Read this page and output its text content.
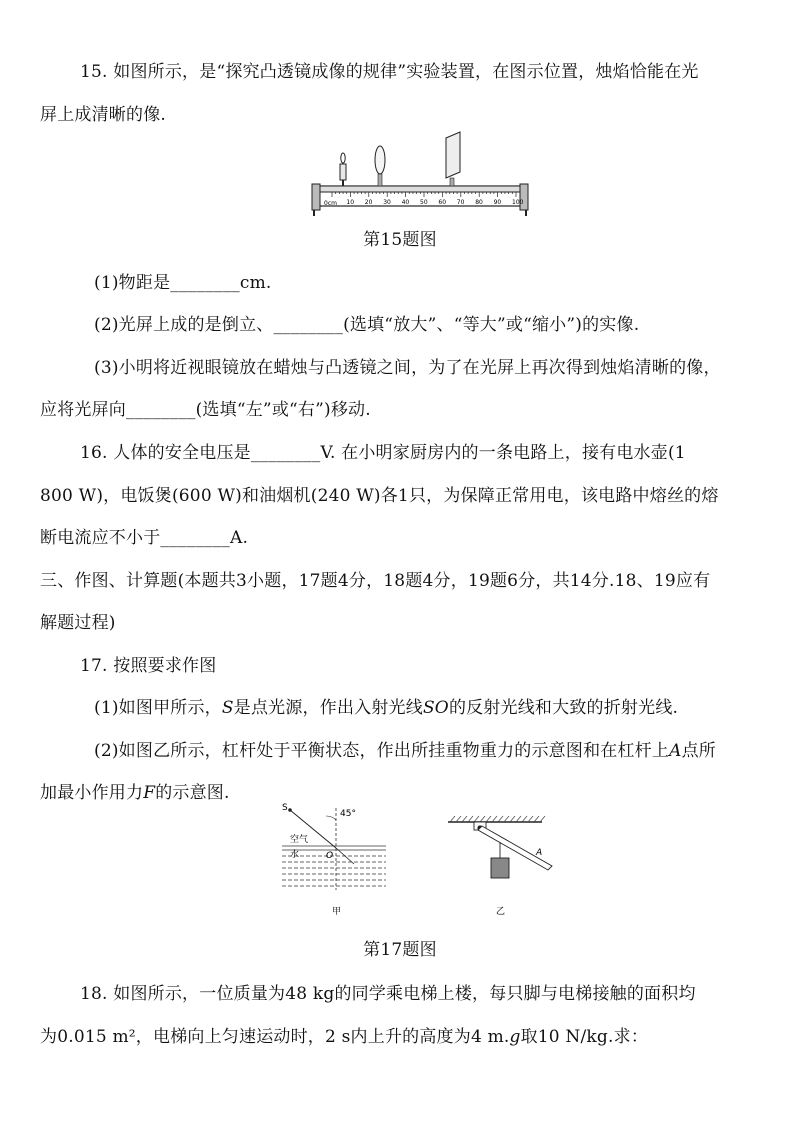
15. 如图所示，是“探究凸透镜成像的规律”实验装置，在图示位置，烛焰恰能在光
屏上成清晰的像.
0cm 10 20 30 40 50 60 70 80 90 100
第15题图
(1)物距是________cm.
(2)光屏上成的是倒立、________(选填“放大”、“等大”或“缩小”)的实像.
(3)小明将近视眼镜放在蜡烛与凸透镜之间，为了在光屏上再次得到烛焰清晰的像，
应将光屏向________(选填“左”或“右”)移动.
16. 人体的安全电压是________V. 在小明家厨房内的一条电路上，接有电水壶(1
800 W)，电饭煲(600 W)和油烟机(240 W)各1只，为保障正常用电，该电路中熔丝的熔
断电流应不小于________A.
三、作图、计算题(本题共3小题，17题4分，18题4分，19题6分，共14分.18、19应有
解题过程)
17. 按照要求作图
(1)如图甲所示，S是点光源，作出入射光线SO的反射光线和大致的折射光线.
(2)如图乙所示，杠杆处于平衡状态，作出所挂重物重力的示意图和在杠杆上A点所
加最小作用力F的示意图.
S
45°
空气
水	O
甲
A
乙
第17题图
18. 如图所示，一位质量为48 kg的同学乘电梯上楼，每只脚与电梯接触的面积均
为0.015 m²，电梯向上匀速运动时，2 s内上升的高度为4 m.g取10 N/kg.求：
